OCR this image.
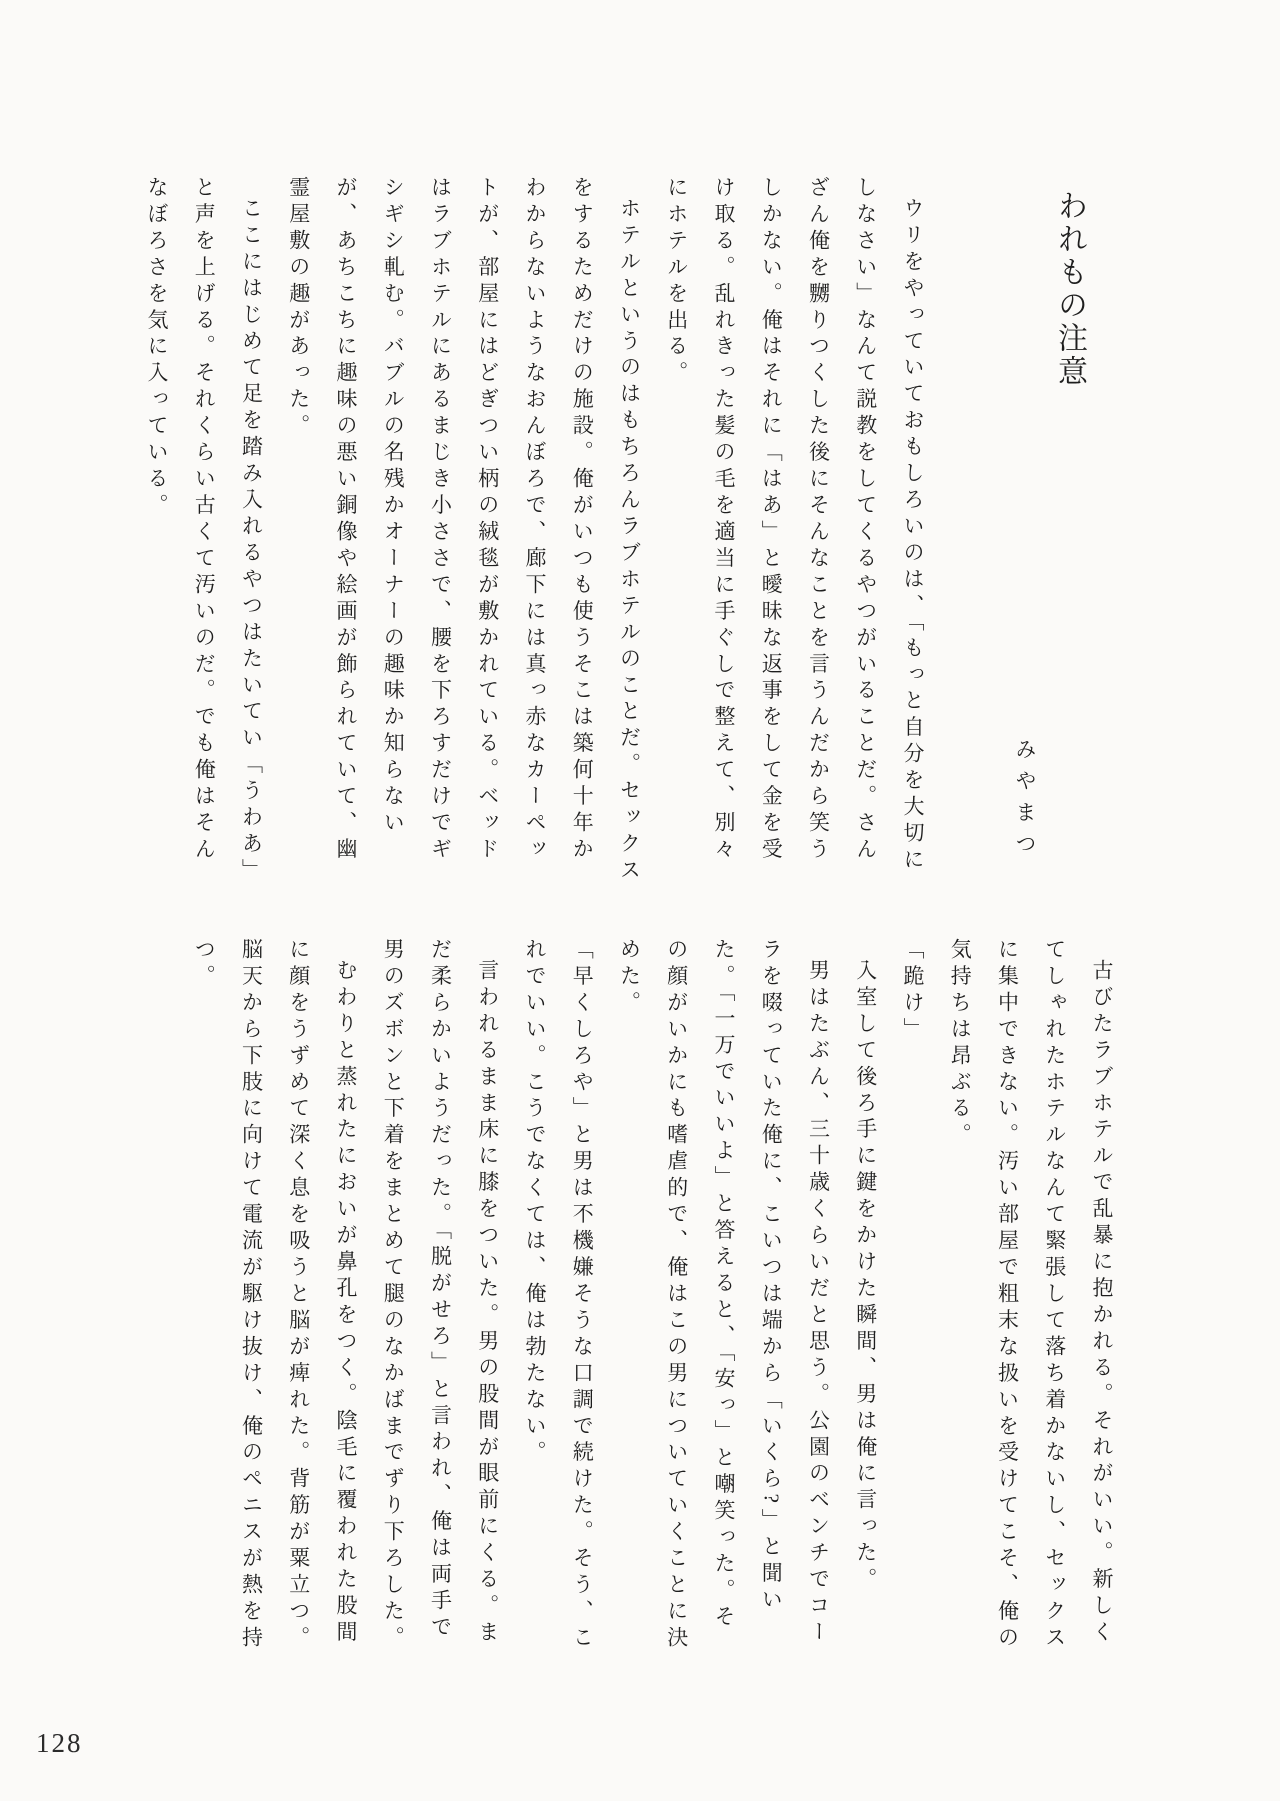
われもの注意
みやまつ

ウリをやっていておもしろいのは、「もっと自分を大切にしなさい」なんて説教をしてくるやつがいることだ。さんざん俺を嬲りつくした後にそんなことを言うんだから笑うしかない。俺はそれに「はあ」と曖昧な返事をして金を受け取る。乱れきった髪の毛を適当に手ぐしで整えて、別々にホテルを出る。

ホテルというのはもちろんラブホテルのことだ。セックスをするためだけの施設。俺がいつも使うそこは築何十年かわからないようなおんぼろで、廊下には真っ赤なカーペットが、部屋にはどぎつい柄の絨毯が敷かれている。ベッドはラブホテルにあるまじき小ささで、腰を下ろすだけでギシギシ軋む。バブルの名残かオーナーの趣味か知らないが、あちこちに趣味の悪い銅像や絵画が飾られていて、幽霊屋敷の趣があった。

ここにはじめて足を踏み入れるやつはたいてい「うわあ」と声を上げる。それくらい古くて汚いのだ。でも俺はそんなぼろさを気に入っている。

古びたラブホテルで乱暴に抱かれる。それがいい。新しくてしゃれたホテルなんて緊張して落ち着かないし、セックスに集中できない。汚い部屋で粗末な扱いを受けてこそ、俺の気持ちは昂ぶる。

「跪け」

入室して後ろ手に鍵をかけた瞬間、男は俺に言った。

男はたぶん、三十歳くらいだと思う。公園のベンチでコーラを啜っていた俺に、こいつは端から「いくら?」と聞いた。「一万でいいよ」と答えると、「安っ」と嘲笑った。その顔がいかにも嗜虐的で、俺はこの男についていくことに決めた。

「早くしろや」と男は不機嫌そうな口調で続けた。そう、これでいい。こうでなくては、俺は勃たない。

言われるまま床に膝をついた。男の股間が眼前にくる。まだ柔らかいようだった。「脱がせろ」と言われ、俺は両手で男のズボンと下着をまとめて腿のなかばまでずり下ろした。

むわりと蒸れたにおいが鼻孔をつく。陰毛に覆われた股間に顔をうずめて深く息を吸うと脳が痺れた。背筋が粟立つ。脳天から下肢に向けて電流が駆け抜け、俺のペニスが熱を持つ。

128
